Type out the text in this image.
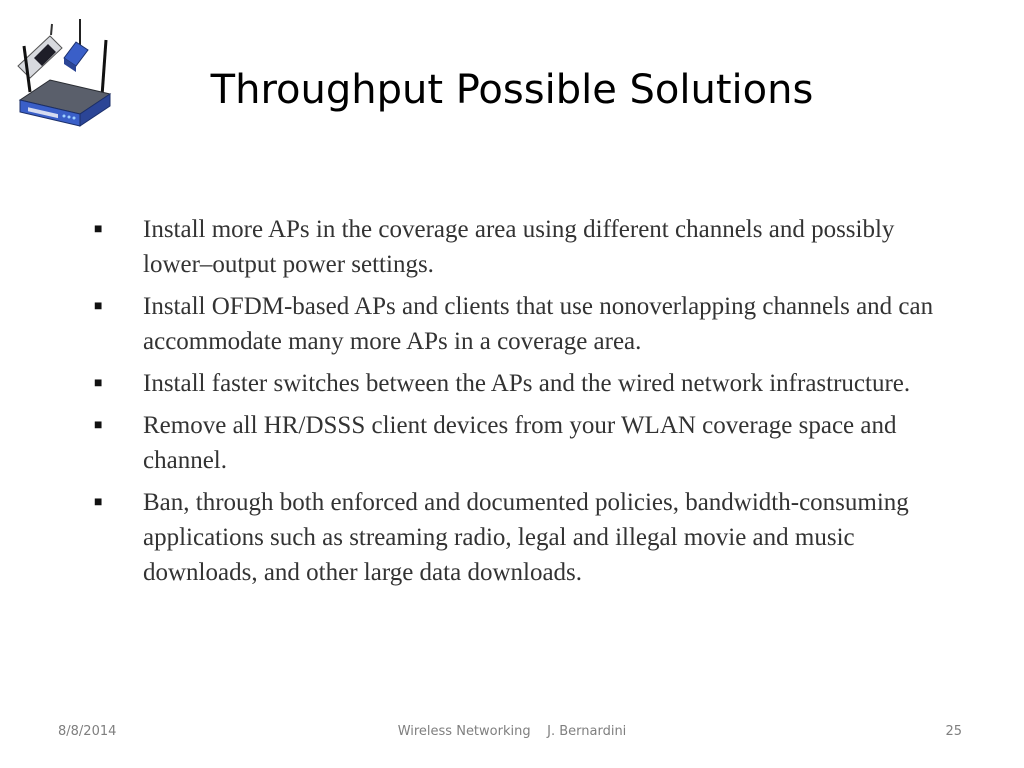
Throughput Possible Solutions
■ Install more APs in the coverage area using different channels and possibly lower–output power settings.
■ Install OFDM-based APs and clients that use nonoverlapping channels and can accommodate many more APs in a coverage area.
■ Install faster switches between the APs and the wired network infrastructure.
■ Remove all HR/DSSS client devices from your WLAN coverage space and channel.
■ Ban, through both enforced and documented policies, bandwidth-consuming applications such as streaming radio, legal and illegal movie and music downloads, and other large data downloads.
8/8/2014	Wireless Networking    J. Bernardini	25
